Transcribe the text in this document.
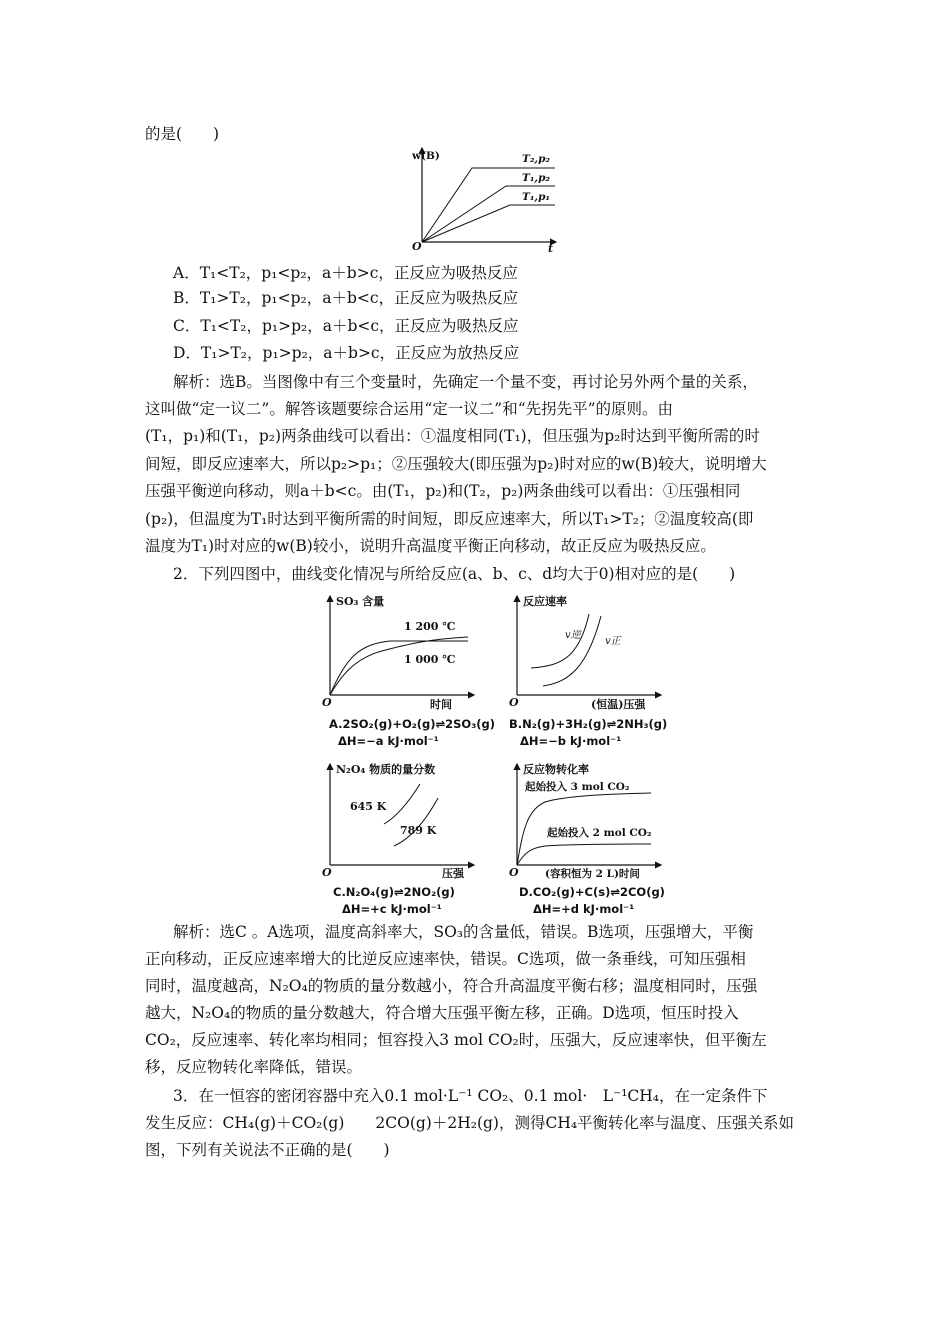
的是(　　)
w(B)
O	t
T₂,p₂
T₁,p₂
T₁,p₁
A．T₁<T₂，p₁<p₂，a＋b>c，正反应为吸热反应
B．T₁>T₂，p₁<p₂，a＋b<c，正反应为吸热反应
C．T₁<T₂，p₁>p₂，a＋b<c，正反应为吸热反应
D．T₁>T₂，p₁>p₂，a＋b>c，正反应为放热反应
解析：选B。当图像中有三个变量时，先确定一个量不变，再讨论另外两个量的关系，
这叫做“定一议二”。解答该题要综合运用“定一议二”和“先拐先平”的原则。由
(T₁，p₁)和(T₁，p₂)两条曲线可以看出：①温度相同(T₁)，但压强为p₂时达到平衡所需的时
间短，即反应速率大，所以p₂>p₁；②压强较大(即压强为p₂)时对应的w(B)较大，说明增大
压强平衡逆向移动，则a＋b<c。由(T₁，p₂)和(T₂，p₂)两条曲线可以看出：①压强相同
(p₂)，但温度为T₁时达到平衡所需的时间短，即反应速率大，所以T₁>T₂；②温度较高(即
温度为T₁)时对应的w(B)较小，说明升高温度平衡正向移动，故正反应为吸热反应。
2．下列四图中，曲线变化情况与所给反应(a、b、c、d均大于0)相对应的是(　　)
SO₃ 含量
1 200 ℃
1 000 ℃
O	时间
A.2SO₂(g)+O₂(g)⇌2SO₃(g)
ΔH=−a kJ·mol⁻¹
反应速率
v逆
v正
O	(恒温)压强
B.N₂(g)+3H₂(g)⇌2NH₃(g)
ΔH=−b kJ·mol⁻¹
N₂O₄ 物质的量分数
645 K
789 K
O	压强
C.N₂O₄(g)⇌2NO₂(g)
ΔH=+c kJ·mol⁻¹
反应物转化率
起始投入 3 mol CO₂
起始投入 2 mol CO₂
O	(容积恒为 2 L)时间
D.CO₂(g)+C(s)⇌2CO(g)
ΔH=+d kJ·mol⁻¹
解析：选C 。A选项，温度高斜率大，SO₃的含量低，错误。B选项，压强增大，平衡
正向移动，正反应速率增大的比逆反应速率快，错误。C选项，做一条垂线，可知压强相
同时，温度越高，N₂O₄的物质的量分数越小，符合升高温度平衡右移；温度相同时，压强
越大，N₂O₄的物质的量分数越大，符合增大压强平衡左移，正确。D选项，恒压时投入
CO₂，反应速率、转化率均相同；恒容投入3 mol CO₂时，压强大，反应速率快，但平衡左
移，反应物转化率降低，错误。
3．在一恒容的密闭容器中充入0.1 mol·L⁻¹ CO₂、0.1 mol·　L⁻¹CH₄，在一定条件下
发生反应：CH₄(g)＋CO₂(g)　　2CO(g)＋2H₂(g)，测得CH₄平衡转化率与温度、压强关系如
图，下列有关说法不正确的是(　　)
